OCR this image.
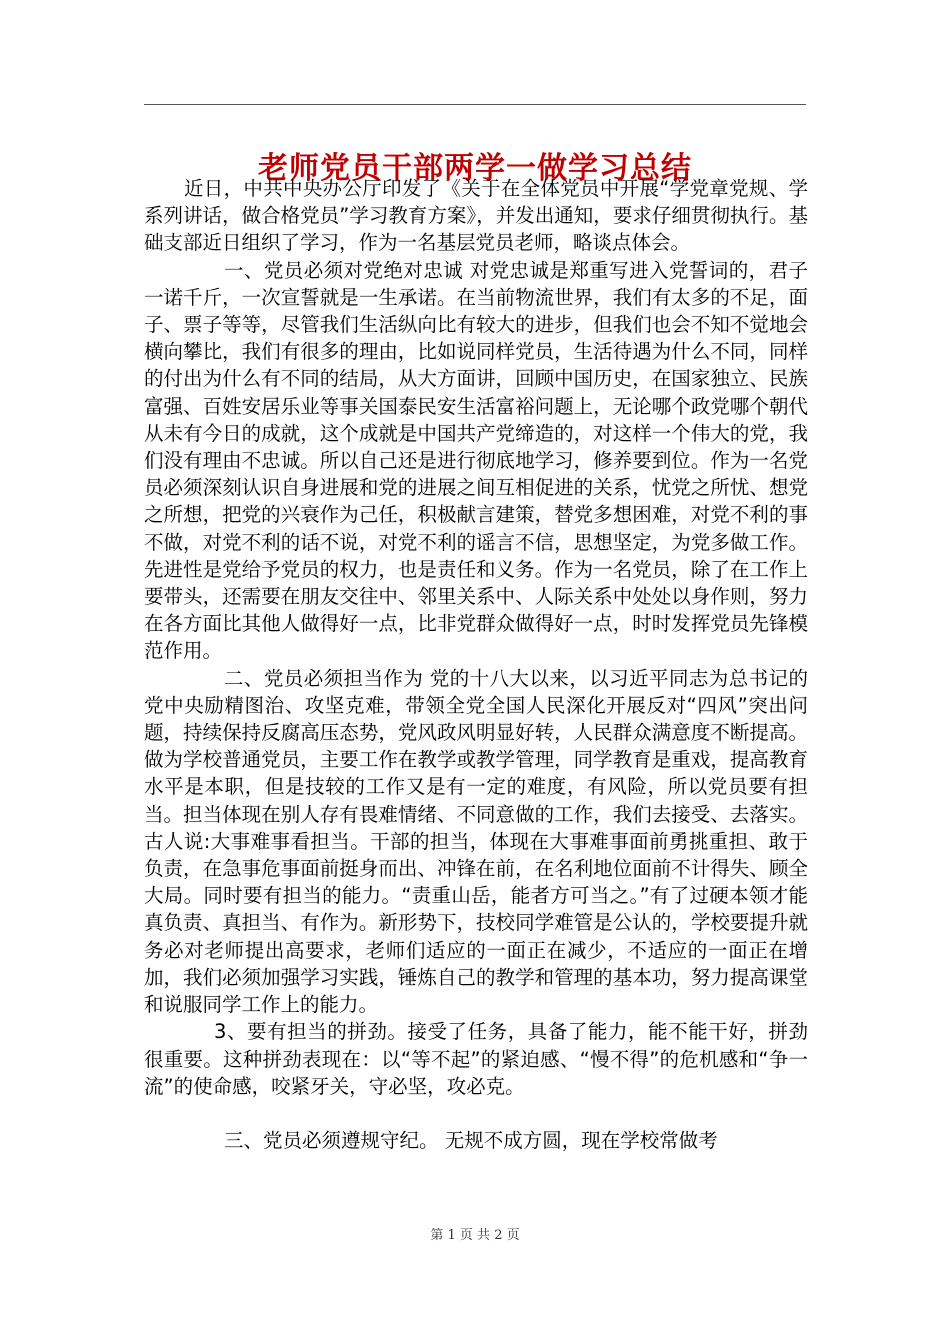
老师党员干部两学一做学习总结

近日，中共中央办公厅印发了《关于在全体党员中开展“学党章党规、学系列讲话，做合格党员”学习教育方案》，并发出通知，要求仔细贯彻执行。基础支部近日组织了学习，作为一名基层党员老师，略谈点体会。

一、党员必须对党绝对忠诚 对党忠诚是郑重写进入党誓词的，君子一诺千斤，一次宣誓就是一生承诺。在当前物流世界，我们有太多的不足，面子、票子等等，尽管我们生活纵向比有较大的进步，但我们也会不知不觉地会横向攀比，我们有很多的理由，比如说同样党员，生活待遇为什么不同，同样的付出为什么有不同的结局，从大方面讲，回顾中国历史，在国家独立、民族富强、百姓安居乐业等事关国泰民安生活富裕问题上，无论哪个政党哪个朝代从未有今日的成就，这个成就是中国共产党缔造的，对这样一个伟大的党，我们没有理由不忠诚。所以自己还是进行彻底地学习，修养要到位。作为一名党员必须深刻认识自身进展和党的进展之间互相促进的关系，忧党之所忧、想党之所想，把党的兴衰作为己任，积极献言建策，替党多想困难，对党不利的事不做，对党不利的话不说，对党不利的谣言不信，思想坚定，为党多做工作。先进性是党给予党员的权力，也是责任和义务。作为一名党员，除了在工作上要带头，还需要在朋友交往中、邻里关系中、人际关系中处处以身作则，努力在各方面比其他人做得好一点，比非党群众做得好一点，时时发挥党员先锋模范作用。

二、党员必须担当作为 党的十八大以来，以习近平同志为总书记的党中央励精图治、攻坚克难，带领全党全国人民深化开展反对“四风”突出问题，持续保持反腐高压态势，党风政风明显好转，人民群众满意度不断提高。做为学校普通党员，主要工作在教学或教学管理，同学教育是重戏，提高教育水平是本职，但是技较的工作又是有一定的难度，有风险，所以党员要有担当。担当体现在别人存有畏难情绪、不同意做的工作，我们去接受、去落实。古人说:大事难事看担当。干部的担当，体现在大事难事面前勇挑重担、敢于负责，在急事危事面前挺身而出、冲锋在前，在名利地位面前不计得失、顾全大局。同时要有担当的能力。“责重山岳，能者方可当之。”有了过硬本领才能真负责、真担当、有作为。新形势下，技校同学难管是公认的，学校要提升就务必对老师提出高要求，老师们适应的一面正在减少，不适应的一面正在增加，我们必须加强学习实践，锤炼自己的教学和管理的基本功，努力提高课堂和说服同学工作上的能力。

3、要有担当的拼劲。接受了任务，具备了能力，能不能干好，拼劲很重要。这种拼劲表现在：以“等不起”的紧迫感、“慢不得”的危机感和“争一流”的使命感，咬紧牙关，守必坚，攻必克。

三、党员必须遵规守纪。 无规不成方圆，现在学校常做考

第 1 页 共 2 页
